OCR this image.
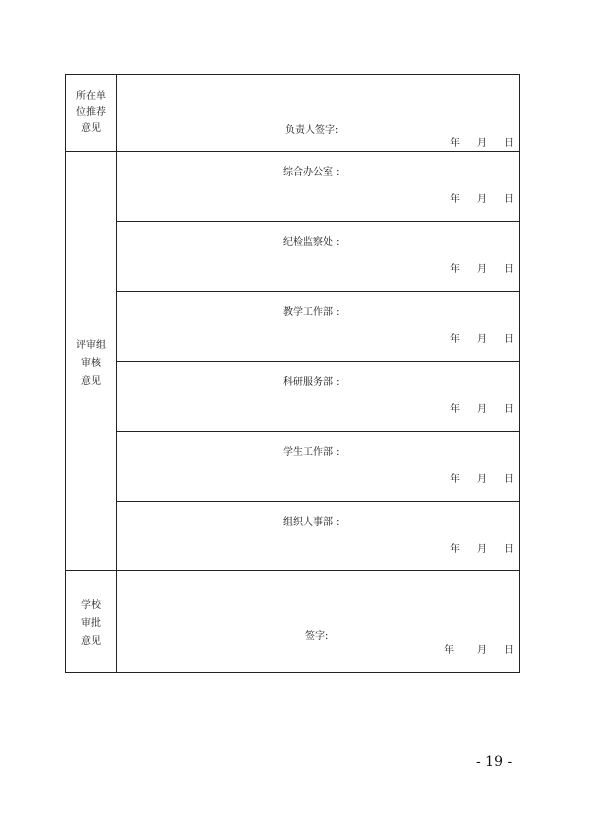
所在单
位推荐
意见	负责人签字:
年 月 日
评审组
审核
意见
综合办公室 :
年 月 日
纪检监察处 :
年 月 日
教学工作部 :
年 月 日
科研服务部 :
年 月 日
学生工作部 :
年 月 日
组织人事部 :
年 月 日
学校
审批
意见	签字:
年 月 日
- 19 -
